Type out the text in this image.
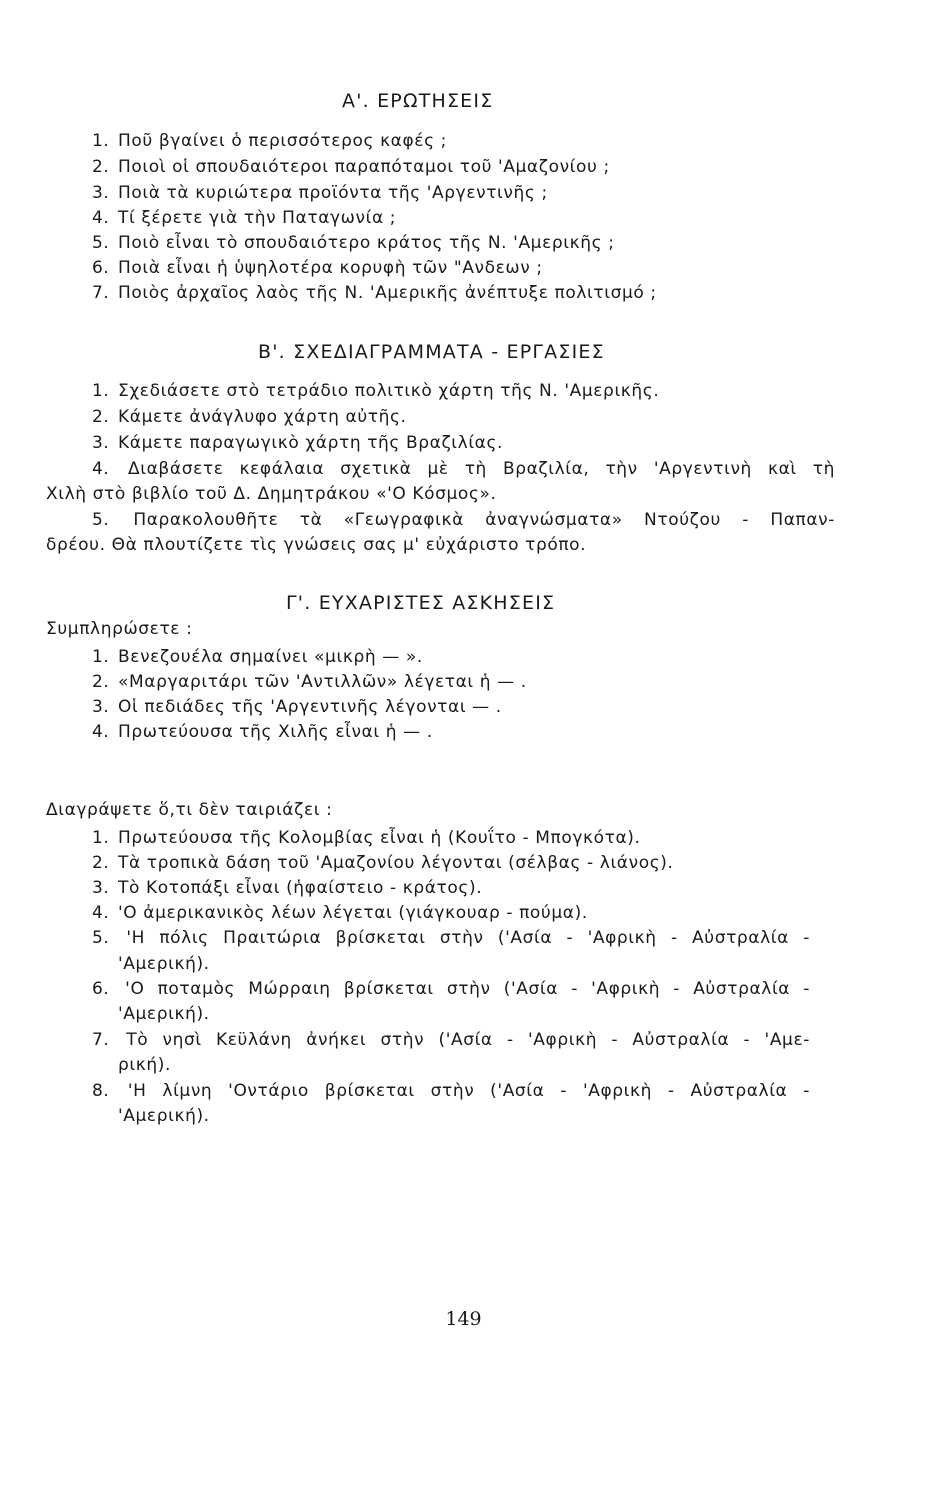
Α'. ΕΡΩΤΗΣΕΙΣ
1. Ποῦ βγαίνει ὁ περισσότερος καφές ;
2. Ποιοὶ οἱ σπουδαιότεροι παραπόταμοι τοῦ 'Αμαζονίου ;
3. Ποιὰ τὰ κυριώτερα προϊόντα τῆς 'Αργεντινῆς ;
4. Τί ξέρετε γιὰ τὴν Παταγωνία ;
5. Ποιὸ εἶναι τὸ σπουδαιότερο κράτος τῆς Ν. 'Αμερικῆς ;
6. Ποιὰ εἶναι ἡ ὑψηλοτέρα κορυφὴ τῶν "Ανδεων ;
7. Ποιὸς ἀρχαῖος λαὸς τῆς Ν. 'Αμερικῆς ἀνέπτυξε πολιτισμό ;
Β'. ΣΧΕΔΙΑΓΡΑΜΜΑΤΑ - ΕΡΓΑΣΙΕΣ
1. Σχεδιάσετε στὸ τετράδιο πολιτικὸ χάρτη τῆς Ν. 'Αμερικῆς.
2. Κάμετε ἀνάγλυφο χάρτη αὐτῆς.
3. Κάμετε παραγωγικὸ χάρτη τῆς Βραζιλίας.
4. Διαβάσετε κεφάλαια σχετικὰ μὲ τὴ Βραζιλία, τὴν 'Αργεντινὴ καὶ τὴ
Χιλὴ στὸ βιβλίο τοῦ Δ. Δημητράκου «'Ο Κόσμος».
5. Παρακολουθῆτε τὰ «Γεωγραφικὰ ἀναγνώσματα» Ντούζου - Παπαν-
δρέου. Θὰ πλουτίζετε τὶς γνώσεις σας μ' εὐχάριστο τρόπο.
Γ'. ΕΥΧΑΡΙΣΤΕΣ ΑΣΚΗΣΕΙΣ
Συμπληρώσετε :
1. Βενεζουέλα σημαίνει «μικρὴ — ».
2. «Μαργαριτάρι τῶν 'Αντιλλῶν» λέγεται ἡ — .
3. Οἱ πεδιάδες τῆς 'Αργεντινῆς λέγονται — .
4. Πρωτεύουσα τῆς Χιλῆς εἶναι ἡ — .
Διαγράψετε ὅ,τι δὲν ταιριάζει :
1. Πρωτεύουσα τῆς Κολομβίας εἶναι ἡ (Κουΐτο - Μπογκότα).
2. Τὰ τροπικὰ δάση τοῦ 'Αμαζονίου λέγονται (σέλβας - λιάνος).
3. Τὸ Κοτοπάξι εἶναι (ἡφαίστειο - κράτος).
4. 'Ο ἀμερικανικὸς λέων λέγεται (γιάγκουαρ - πούμα).
5. 'Η πόλις Πραιτώρια βρίσκεται στὴν ('Ασία - 'Αφρικὴ - Αὐστραλία -
'Αμερική).
6. 'Ο ποταμὸς Μώρραιη βρίσκεται στὴν ('Ασία - 'Αφρικὴ - Αὐστραλία -
'Αμερική).
7. Τὸ νησὶ Κεϋλάνη ἀνήκει στὴν ('Ασία - 'Αφρικὴ - Αὐστραλία - 'Αμε-
ρική).
8. 'Η λίμνη 'Οντάριο βρίσκεται στὴν ('Ασία - 'Αφρικὴ - Αὐστραλία -
'Αμερική).
149
